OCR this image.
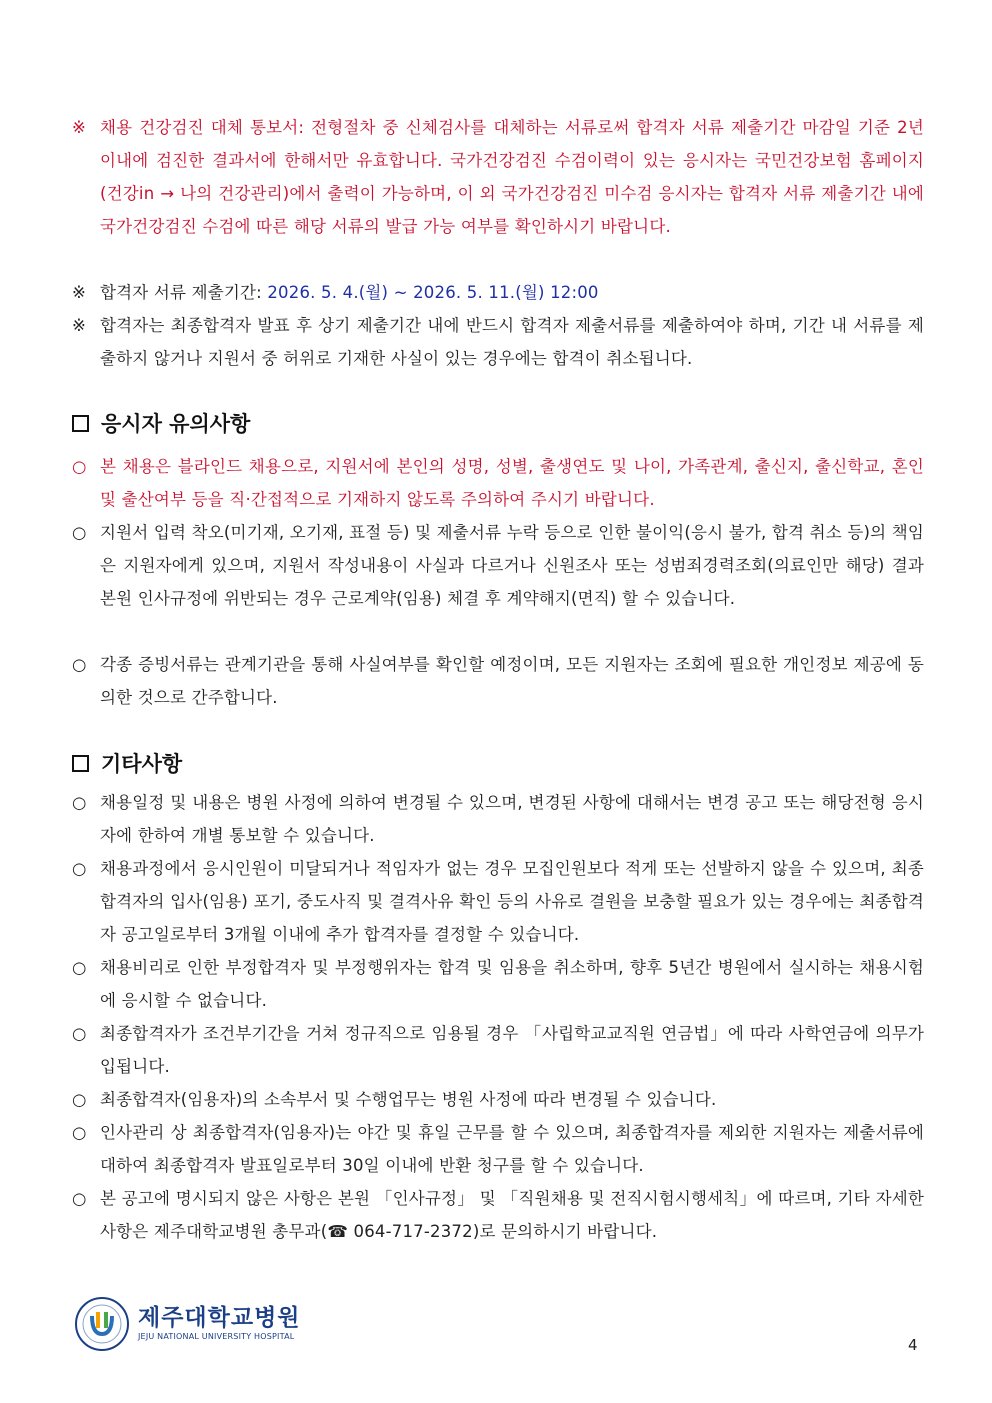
※ 채용 건강검진 대체 통보서: 전형절차 중 신체검사를 대체하는 서류로써 합격자 서류 제출기간 마감일 기준 2년 이내에 검진한 결과서에 한해서만 유효합니다. 국가건강검진 수검이력이 있는 응시자는 국민건강보험 홈페이지(건강in → 나의 건강관리)에서 출력이 가능하며, 이 외 국가건강검진 미수검 응시자는 합격자 서류 제출기간 내에 국가건강검진 수검에 따른 해당 서류의 발급 가능 여부를 확인하시기 바랍니다.
※ 합격자 서류 제출기간: 2026. 5. 4.(월) ~ 2026. 5. 11.(월) 12:00
※ 합격자는 최종합격자 발표 후 상기 제출기간 내에 반드시 합격자 제출서류를 제출하여야 하며, 기간 내 서류를 제출하지 않거나 지원서 중 허위로 기재한 사실이 있는 경우에는 합격이 취소됩니다.
응시자 유의사항
○ 본 채용은 블라인드 채용으로, 지원서에 본인의 성명, 성별, 출생연도 및 나이, 가족관계, 출신지, 출신학교, 혼인 및 출산여부 등을 직·간접적으로 기재하지 않도록 주의하여 주시기 바랍니다.
○ 지원서 입력 착오(미기재, 오기재, 표절 등) 및 제출서류 누락 등으로 인한 불이익(응시 불가, 합격 취소 등)의 책임은 지원자에게 있으며, 지원서 작성내용이 사실과 다르거나 신원조사 또는 성범죄경력조회(의료인만 해당) 결과 본원 인사규정에 위반되는 경우 근로계약(임용) 체결 후 계약해지(면직) 할 수 있습니다.
○ 각종 증빙서류는 관계기관을 통해 사실여부를 확인할 예정이며, 모든 지원자는 조회에 필요한 개인정보 제공에 동의한 것으로 간주합니다.
기타사항
○ 채용일정 및 내용은 병원 사정에 의하여 변경될 수 있으며, 변경된 사항에 대해서는 변경 공고 또는 해당전형 응시자에 한하여 개별 통보할 수 있습니다.
○ 채용과정에서 응시인원이 미달되거나 적임자가 없는 경우 모집인원보다 적게 또는 선발하지 않을 수 있으며, 최종합격자의 입사(임용) 포기, 중도사직 및 결격사유 확인 등의 사유로 결원을 보충할 필요가 있는 경우에는 최종합격자 공고일로부터 3개월 이내에 추가 합격자를 결정할 수 있습니다.
○ 채용비리로 인한 부정합격자 및 부정행위자는 합격 및 임용을 취소하며, 향후 5년간 병원에서 실시하는 채용시험에 응시할 수 없습니다.
○ 최종합격자가 조건부기간을 거쳐 정규직으로 임용될 경우 「사립학교교직원 연금법」에 따라 사학연금에 의무가입됩니다.
○ 최종합격자(임용자)의 소속부서 및 수행업무는 병원 사정에 따라 변경될 수 있습니다.
○ 인사관리 상 최종합격자(임용자)는 야간 및 휴일 근무를 할 수 있으며, 최종합격자를 제외한 지원자는 제출서류에 대하여 최종합격자 발표일로부터 30일 이내에 반환 청구를 할 수 있습니다.
○ 본 공고에 명시되지 않은 사항은 본원 「인사규정」 및 「직원채용 및 전직시험시행세칙」에 따르며, 기타 자세한 사항은 제주대학교병원 총무과(☎ 064-717-2372)로 문의하시기 바랍니다.
제주대학교병원
JEJU NATIONAL UNIVERSITY HOSPITAL	4
